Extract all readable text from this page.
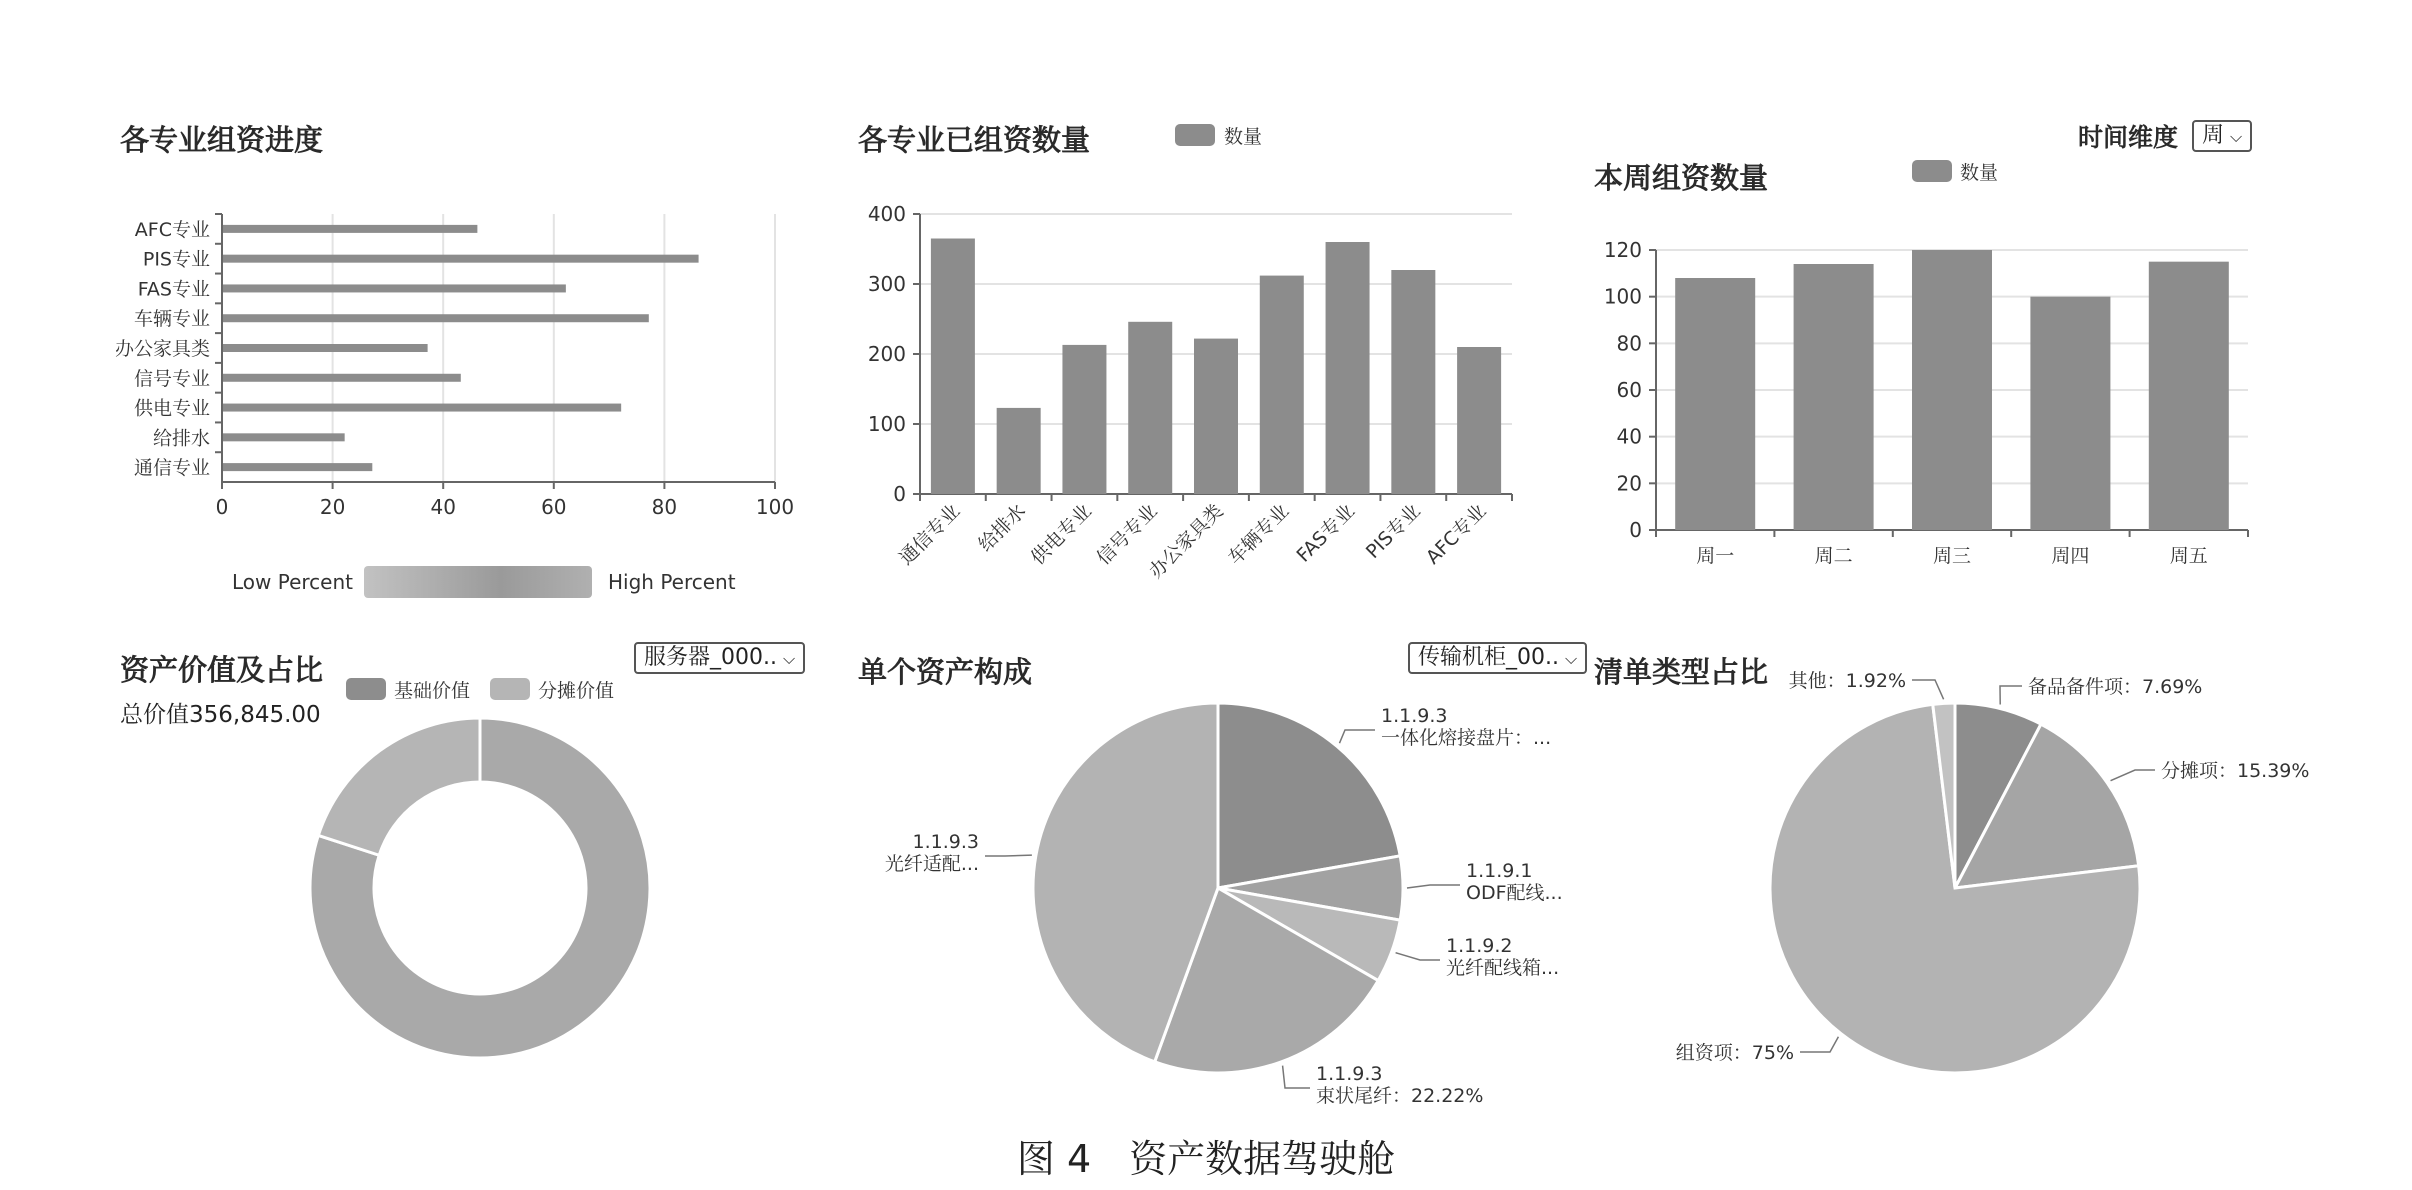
各专业组资进度
0	20	40	60	80	100
AFC专业
PIS专业
FAS专业
车辆专业
办公家具类
信号专业
供电专业
给排水
通信专业
Low Percent	High Percent
各专业已组资数量	数量
0
100
200
300
400
通信专业 给排水
供电专业
信号专业
办公家具类
车辆专业 FAS专业 PIS专业
AFC专业
时间维度	周 ⌵
本周组资数量	数量
0
20
40
60
80
100
120
周一	周二	周三	周四	周五
资产价值及占比	服务器_000.. ⌵
基础价值	分摊价值
总价值356,845.00
单个资产构成	传输机柜_00.. ⌵
1.1.9.3
一体化熔接盘片：...
1.1.9.1
ODF配线...
1.1.9.2
光纤配线箱...
1.1.9.3
束状尾纤：22.22%
1.1.9.3
光纤适配...
清单类型占比	备品备件项：7.69%
分摊项：15.39%
组资项：75%
其他：1.92%
图 4　资产数据驾驶舱
